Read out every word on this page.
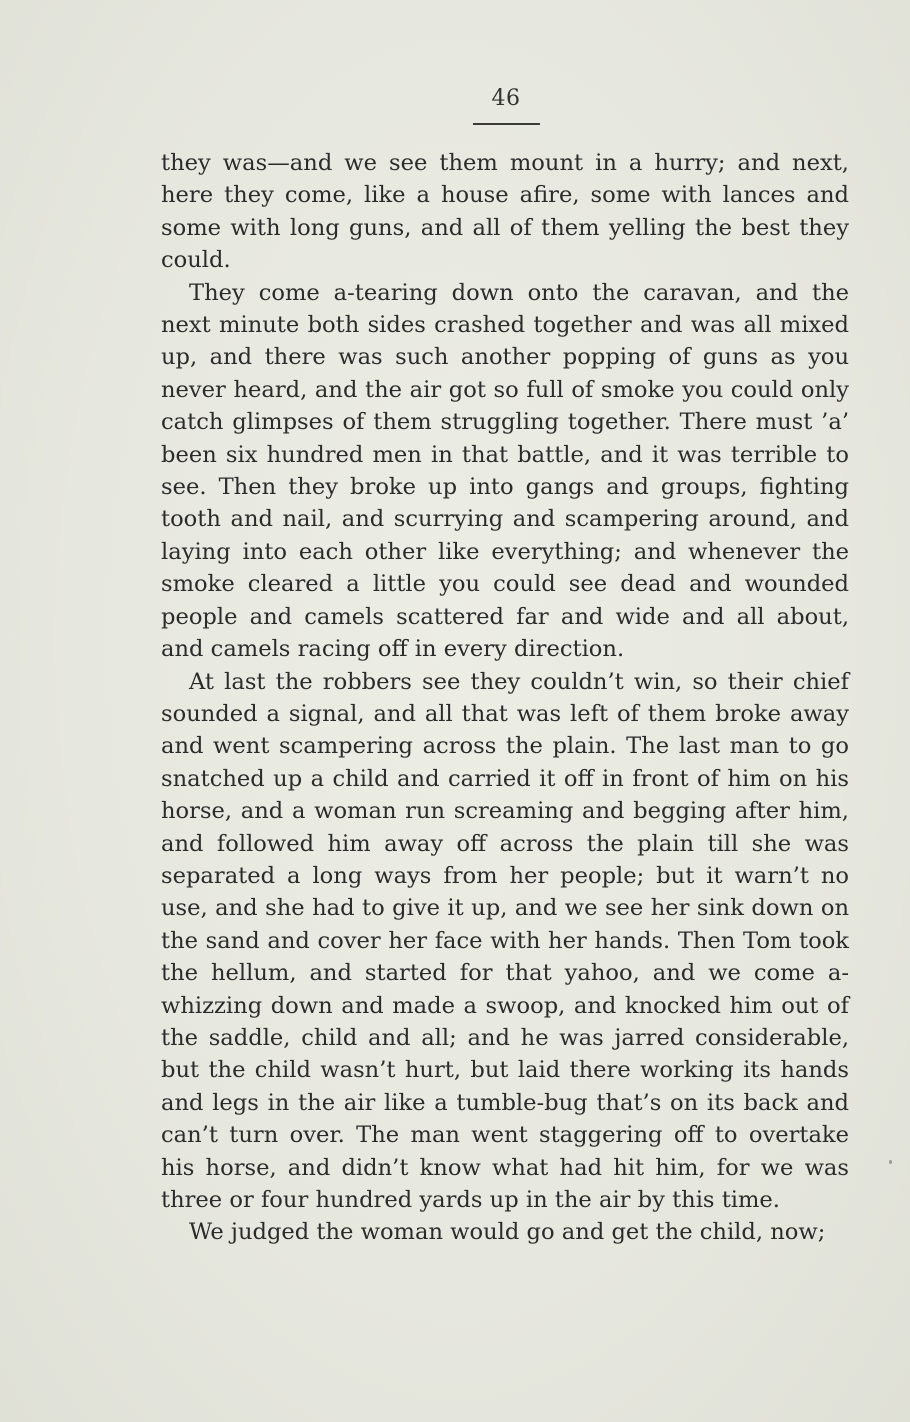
46

they was—and we see them mount in a hurry; and next, here they come, like a house afire, some with lances and some with long guns, and all of them yelling the best they could.

They come a-tearing down onto the caravan, and the next minute both sides crashed together and was all mixed up, and there was such another popping of guns as you never heard, and the air got so full of smoke you could only catch glimpses of them struggling together. There must ’a’ been six hundred men in that battle, and it was terrible to see. Then they broke up into gangs and groups, fighting tooth and nail, and scurrying and scampering around, and laying into each other like everything; and whenever the smoke cleared a little you could see dead and wounded people and camels scattered far and wide and all about, and camels racing off in every direction.

At last the robbers see they couldn’t win, so their chief sounded a signal, and all that was left of them broke away and went scampering across the plain. The last man to go snatched up a child and carried it off in front of him on his horse, and a woman run screaming and begging after him, and followed him away off across the plain till she was separated a long ways from her people; but it warn’t no use, and she had to give it up, and we see her sink down on the sand and cover her face with her hands. Then Tom took the hellum, and started for that yahoo, and we come a-whizzing down and made a swoop, and knocked him out of the saddle, child and all; and he was jarred considerable, but the child wasn’t hurt, but laid there working its hands and legs in the air like a tumble-bug that’s on its back and can’t turn over. The man went staggering off to overtake his horse, and didn’t know what had hit him, for we was three or four hundred yards up in the air by this time.

We judged the woman would go and get the child, now;
